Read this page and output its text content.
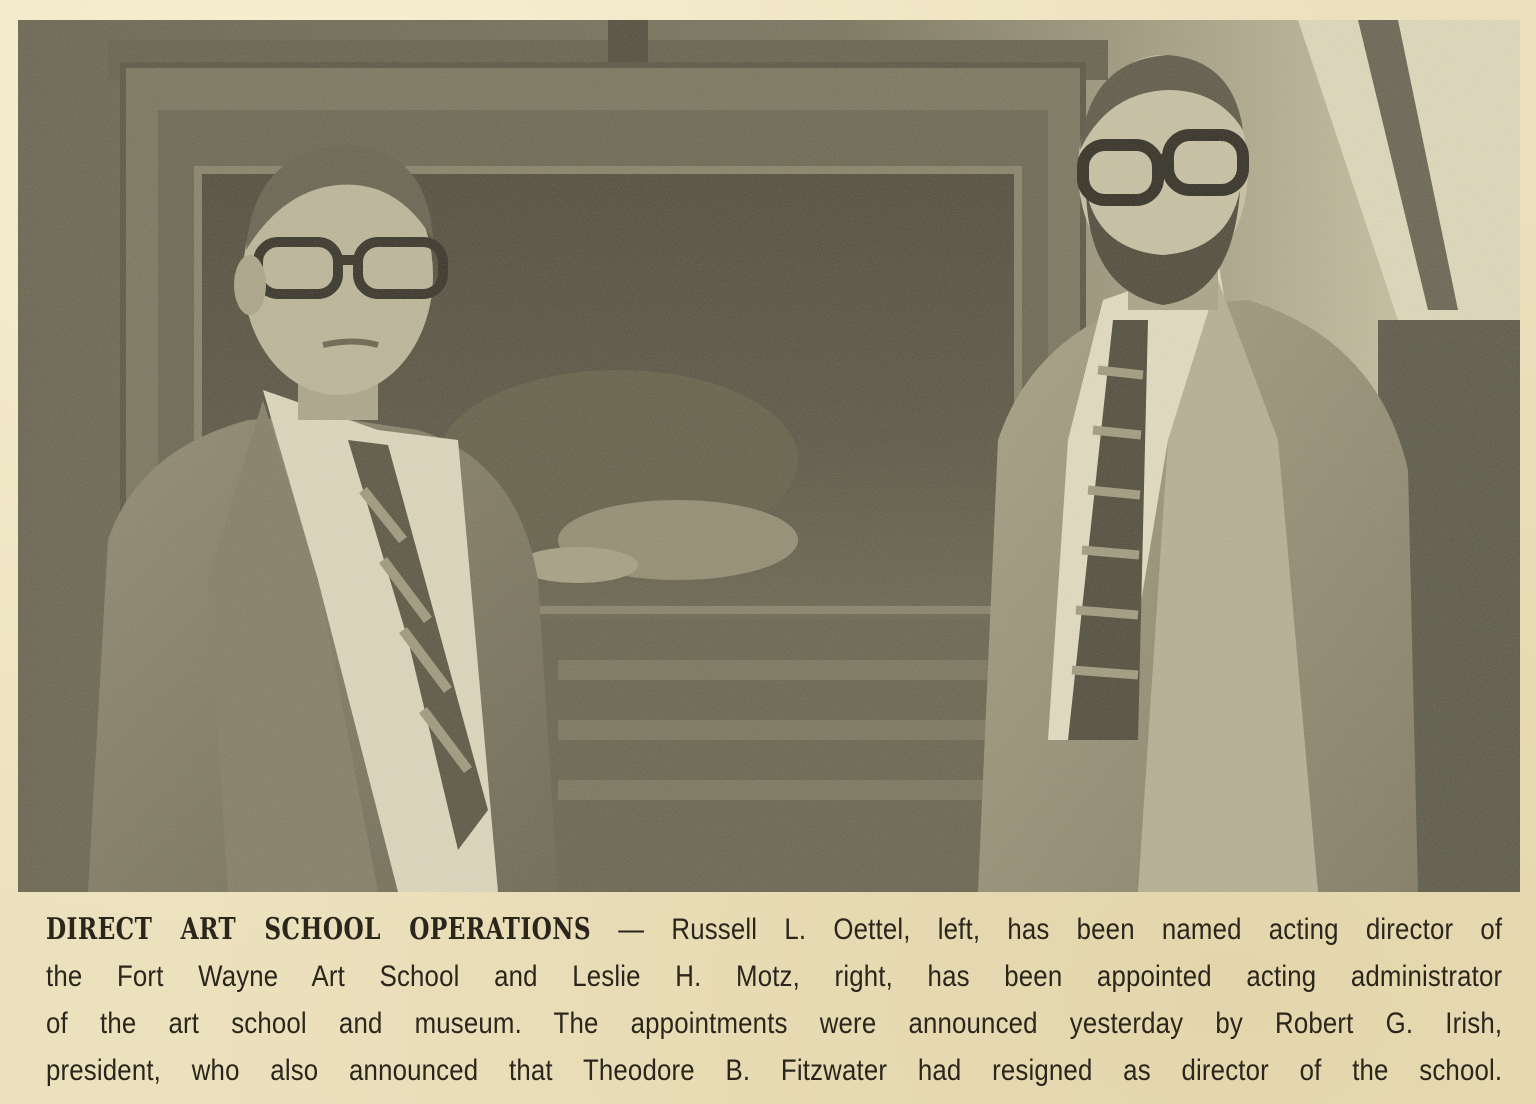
DIRECT ART SCHOOL OPERATIONS — Russell L. Oettel, left, has been named acting director of
the Fort Wayne Art School and Leslie H. Motz, right, has been appointed acting administrator
of the art school and museum. The appointments were announced yesterday by Robert G. Irish,
president, who also announced that Theodore B. Fitzwater had resigned as director of the school.
